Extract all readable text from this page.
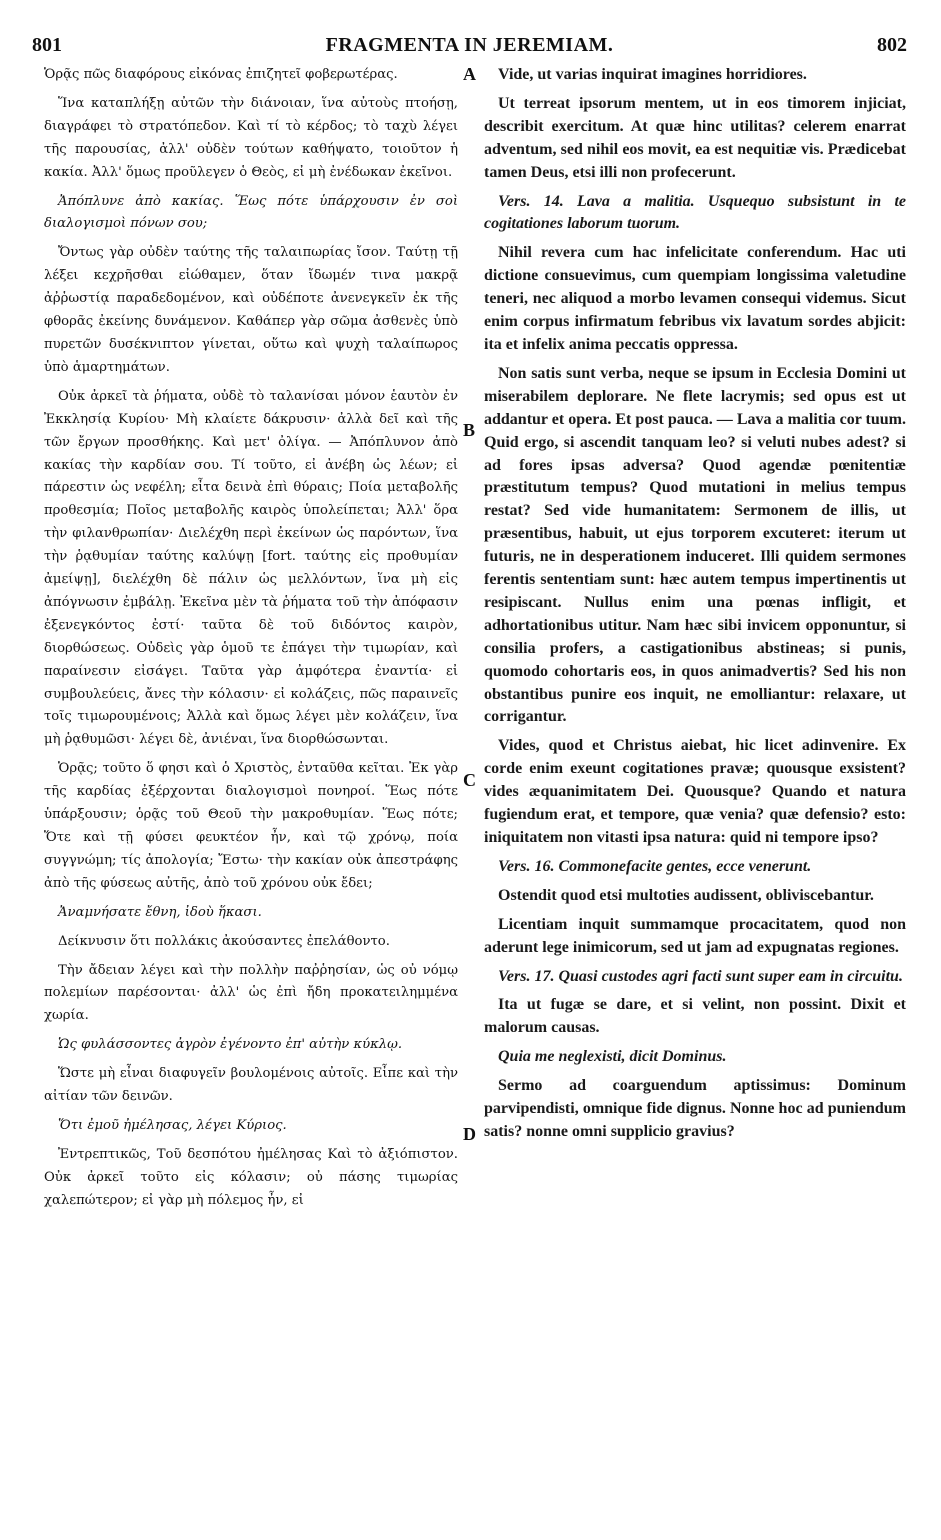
801	FRAGMENTA IN JEREMIAM.	802

Ὁρᾷς πῶς διαφόρους εἰκόνας ἐπιζητεῖ φοβερωτέρας.

Ἵνα καταπλήξῃ αὐτῶν τὴν διάνοιαν, ἵνα αὐτοὺς πτοήσῃ, διαγράφει τὸ στρατόπεδον. Καὶ τί τὸ κέρδος; τὸ ταχὺ λέγει τῆς παρουσίας, ἀλλ' οὐδὲν τούτων καθήψατο, τοιοῦτον ἡ κακία. Ἀλλ' ὅμως προῦλεγεν ὁ Θεὸς, εἰ μὴ ἐνέδωκαν ἐκεῖνοι.

Ἀπόπλυνε ἀπὸ κακίας. Ἕως πότε ὑπάρχουσιν ἐν σοὶ διαλογισμοὶ πόνων σου;

Ὄντως γὰρ οὐδὲν ταύτης τῆς ταλαιπωρίας ἴσον. Ταύτῃ τῇ λέξει κεχρῆσθαι εἰώθαμεν, ὅταν ἴδωμέν τινα μακρᾷ ἀῤῥωστίᾳ παραδεδομένον, καὶ οὐδέποτε ἀνενεγκεῖν ἐκ τῆς φθορᾶς ἐκείνης δυνάμενον. Καθάπερ γὰρ σῶμα ἀσθενὲς ὑπὸ πυρετῶν δυσέκνιπτον γίνεται, οὕτω καὶ ψυχὴ ταλαίπωρος ὑπὸ ἁμαρτημάτων.

Οὐκ ἀρκεῖ τὰ ῥήματα, οὐδὲ τὸ ταλανίσαι μόνον ἑαυτὸν ἐν Ἐκκλησίᾳ Κυρίου· Μὴ κλαίετε δάκρυσιν· ἀλλὰ δεῖ καὶ τῆς τῶν ἔργων προσθήκης. Καὶ μετ' ὀλίγα. — Ἀπόπλυνον ἀπὸ κακίας τὴν καρδίαν σου. Τί τοῦτο, εἰ ἀνέβη ὡς λέων; εἰ πάρεστιν ὡς νεφέλη; εἶτα δεινὰ ἐπὶ θύραις; Ποία μεταβολῆς προθεσμία; Ποῖος μεταβολῆς καιρὸς ὑπολείπεται; Ἀλλ' ὅρα τὴν φιλανθρωπίαν· Διελέχθη περὶ ἐκείνων ὡς παρόντων, ἵνα τὴν ῥᾳθυμίαν ταύτης καλύψῃ [fort. ταύτης εἰς προθυμίαν ἀμείψῃ], διελέχθη δὲ πάλιν ὡς μελλόντων, ἵνα μὴ εἰς ἀπόγνωσιν ἐμβάλῃ. Ἐκεῖνα μὲν τὰ ῥήματα τοῦ τὴν ἀπόφασιν ἐξενεγκόντος ἐστί· ταῦτα δὲ τοῦ διδόντος καιρὸν, διορθώσεως. Οὐδεὶς γὰρ ὁμοῦ τε ἐπάγει τὴν τιμωρίαν, καὶ παραίνεσιν εἰσάγει. Ταῦτα γὰρ ἀμφότερα ἐναντία· εἰ συμβουλεύεις, ἄνες τὴν κόλασιν· εἰ κολάζεις, πῶς παραινεῖς τοῖς τιμωρουμένοις; Ἀλλὰ καὶ ὅμως λέγει μὲν κολάζειν, ἵνα μὴ ῥᾳθυμῶσι· λέγει δὲ, ἀνιέναι, ἵνα διορθώσωνται.

Ὁρᾷς; τοῦτο ὅ φησι καὶ ὁ Χριστὸς, ἐνταῦθα κεῖται. Ἐκ γὰρ τῆς καρδίας ἐξέρχονται διαλογισμοὶ πονηροί. Ἕως πότε ὑπάρξουσιν; ὁρᾷς τοῦ Θεοῦ τὴν μακροθυμίαν. Ἕως πότε; Ὅτε καὶ τῇ φύσει φευκτέον ἦν, καὶ τῷ χρόνῳ, ποία συγγνώμη; τίς ἀπολογία; Ἔστω· τὴν κακίαν οὐκ ἀπεστράφης ἀπὸ τῆς φύσεως αὐτῆς, ἀπὸ τοῦ χρόνου οὐκ ἔδει;

Ἀναμνήσατε ἔθνη, ἰδοὺ ἥκασι.

Δείκνυσιν ὅτι πολλάκις ἀκούσαντες ἐπελάθοντο.

Τὴν ἄδειαν λέγει καὶ τὴν πολλὴν παῤῥησίαν, ὡς οὐ νόμῳ πολεμίων παρέσονται· ἀλλ' ὡς ἐπὶ ἤδη προκατειλημμένα χωρία.

Ὡς φυλάσσοντες ἀγρὸν ἐγένοντο ἐπ' αὐτὴν κύκλῳ.

Ὥστε μὴ εἶναι διαφυγεῖν βουλομένοις αὐτοῖς. Εἶπε καὶ τὴν αἰτίαν τῶν δεινῶν.

Ὅτι ἐμοῦ ἠμέλησας, λέγει Κύριος.

Ἐντρεπτικῶς, Τοῦ δεσπότου ἠμέλησας Καὶ τὸ ἀξιόπιστον. Οὐκ ἀρκεῖ τοῦτο εἰς κόλασιν; οὐ πάσης τιμωρίας χαλεπώτερον; εἰ γὰρ μὴ πόλεμος ἦν, εἰ

Vide, ut varias inquirat imagines horridiores.

Ut terreat ipsorum mentem, ut in eos timorem injiciat, describit exercitum. At quæ hinc utilitas? celerem enarrat adventum, sed nihil eos movit, ea est nequitiæ vis. Prædicebat tamen Deus, etsi illi non profecerunt.

Vers. 14. Lava a malitia. Usquequo subsistunt in te cogitationes laborum tuorum.

Nihil revera cum hac infelicitate conferendum. Hac uti dictione consuevimus, cum quempiam longissima valetudine teneri, nec aliquod a morbo levamen consequi videmus. Sicut enim corpus infirmatum febribus vix lavatum sordes abjicit: ita et infelix anima peccatis oppressa.

Non satis sunt verba, neque se ipsum in Ecclesia Domini ut miserabilem deplorare. Ne flete lacrymis; sed opus est ut addantur et opera. Et post pauca. — Lava a malitia cor tuum. Quid ergo, si ascendit tanquam leo? si veluti nubes adest? si ad fores ipsas adversa? Quod agendæ pœnitentiæ præstitutum tempus? Quod mutationi in melius tempus restat? Sed vide humanitatem: Sermonem de illis, ut præsentibus, habuit, ut ejus torporem excuteret: iterum ut futuris, ne in desperationem induceret. Illi quidem sermones ferentis sententiam sunt: hæc autem tempus impertinentis ut resipiscant. Nullus enim una pœnas infligit, et adhortationibus utitur. Nam hæc sibi invicem opponuntur, si consilia profers, a castigationibus abstineas; si punis, quomodo cohortaris eos, in quos animadvertis? Sed his non obstantibus punire eos inquit, ne emolliantur: relaxare, ut corrigantur.

Vides, quod et Christus aiebat, hic licet adinvenire. Ex corde enim exeunt cogitationes pravæ; quousque exsistent? vides æquanimitatem Dei. Quousque? Quando et natura fugiendum erat, et tempore, quæ venia? quæ defensio? esto: iniquitatem non vitasti ipsa natura: quid ni tempore ipso?

Vers. 16. Commonefacite gentes, ecce venerunt.

Ostendit quod etsi multoties audissent, obliviscebantur.

Licentiam inquit summamque procacitatem, quod non aderunt lege inimicorum, sed ut jam ad expugnatas regiones.

Vers. 17. Quasi custodes agri facti sunt super eam in circuitu.

Ita ut fugæ se dare, et si velint, non possint. Dixit et malorum causas.

Quia me neglexisti, dicit Dominus.

Sermo ad coarguendum aptissimus: Dominum parvipendisti, omnique fide dignus. Nonne hoc ad puniendum satis? nonne omni supplicio gravius?

A
B
C
D
